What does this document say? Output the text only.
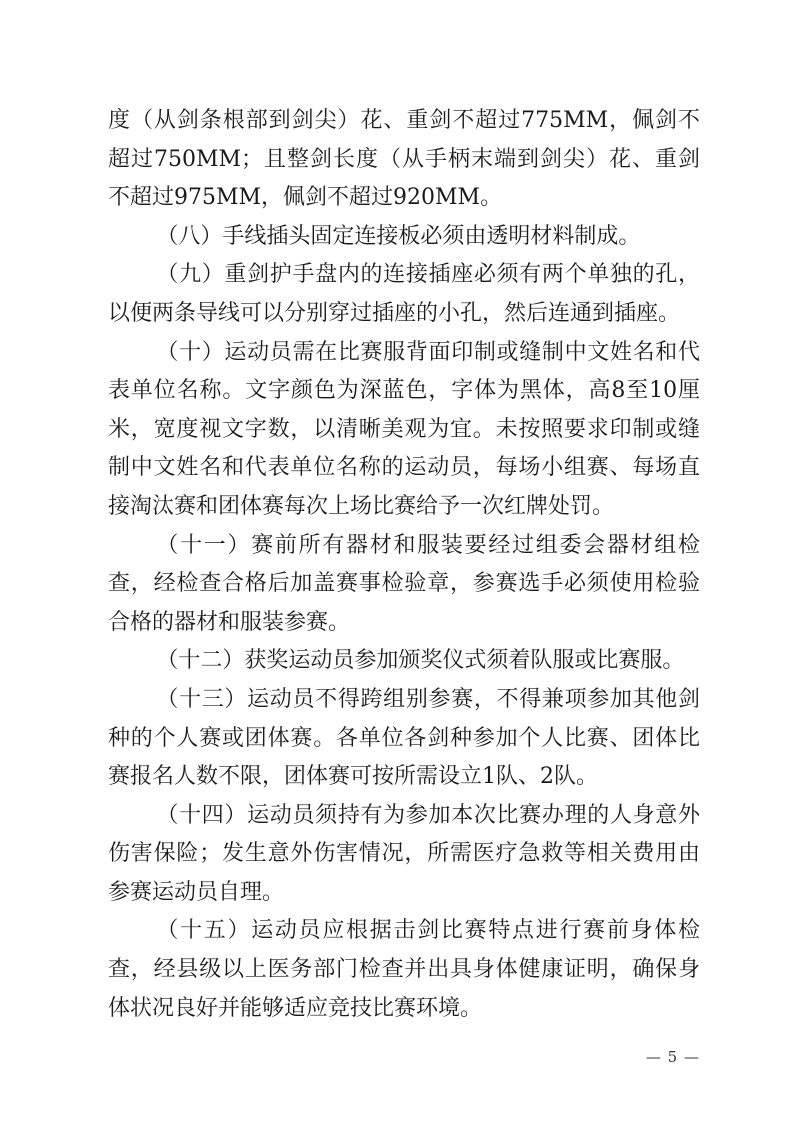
度（从剑条根部到剑尖）花、重剑不超过775MM，佩剑不超过750MM；且整剑长度（从手柄末端到剑尖）花、重剑不超过975MM，佩剑不超过920MM。

（八）手线插头固定连接板必须由透明材料制成。

（九）重剑护手盘内的连接插座必须有两个单独的孔，以便两条导线可以分别穿过插座的小孔，然后连通到插座。

（十）运动员需在比赛服背面印制或缝制中文姓名和代表单位名称。文字颜色为深蓝色，字体为黑体，高8至10厘米，宽度视文字数，以清晰美观为宜。未按照要求印制或缝制中文姓名和代表单位名称的运动员，每场小组赛、每场直接淘汰赛和团体赛每次上场比赛给予一次红牌处罚。

（十一）赛前所有器材和服装要经过组委会器材组检查，经检查合格后加盖赛事检验章，参赛选手必须使用检验合格的器材和服装参赛。

（十二）获奖运动员参加颁奖仪式须着队服或比赛服。

（十三）运动员不得跨组别参赛，不得兼项参加其他剑种的个人赛或团体赛。各单位各剑种参加个人比赛、团体比赛报名人数不限，团体赛可按所需设立1队、2队。

（十四）运动员须持有为参加本次比赛办理的人身意外伤害保险；发生意外伤害情况，所需医疗急救等相关费用由参赛运动员自理。

（十五）运动员应根据击剑比赛特点进行赛前身体检查，经县级以上医务部门检查并出具身体健康证明，确保身体状况良好并能够适应竞技比赛环境。

— 5 —
